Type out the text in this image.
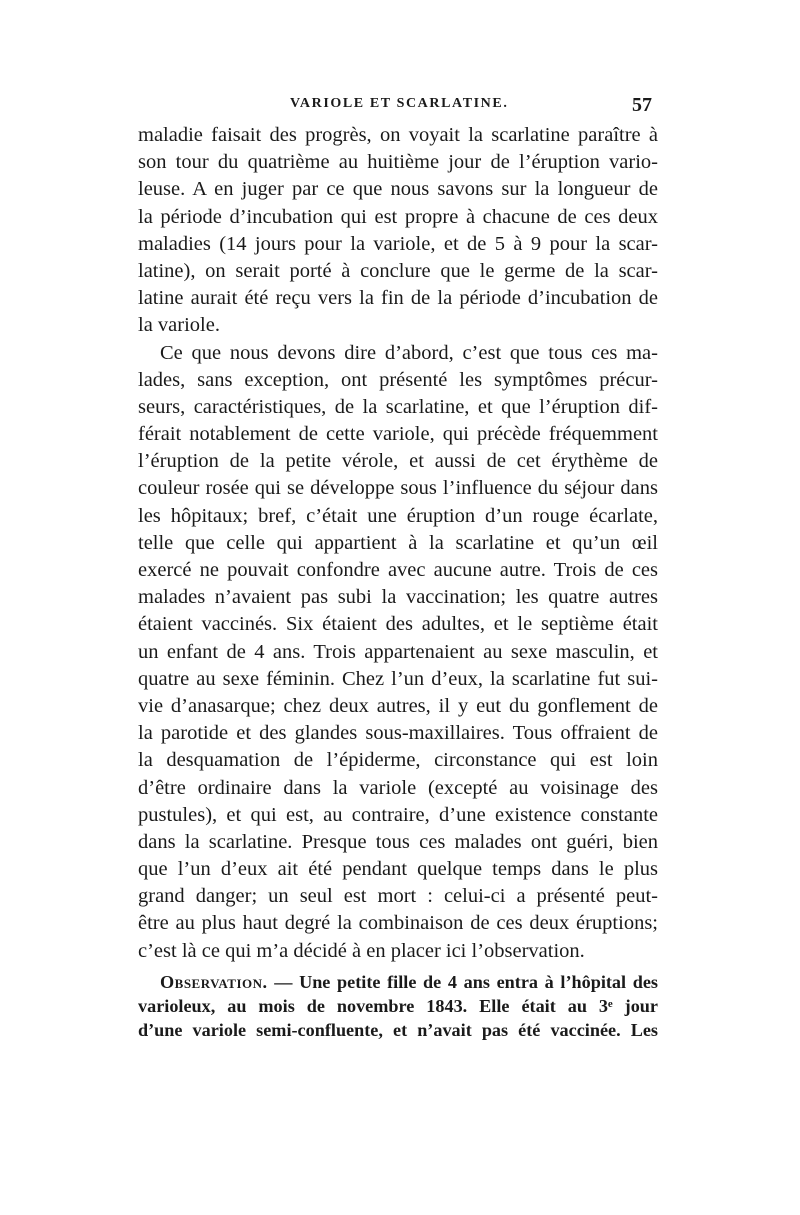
VARIOLE ET SCARLATINE.	57
maladie faisait des progrès, on voyait la scarlatine paraître à
son tour du quatrième au huitième jour de l’éruption vario-
leuse. A en juger par ce que nous savons sur la longueur de
la période d’incubation qui est propre à chacune de ces deux
maladies (14 jours pour la variole, et de 5 à 9 pour la scar-
latine), on serait porté à conclure que le germe de la scar-
latine aurait été reçu vers la fin de la période d’incubation de
la variole.
Ce que nous devons dire d’abord, c’est que tous ces ma-
lades, sans exception, ont présenté les symptômes précur-
seurs, caractéristiques, de la scarlatine, et que l’éruption dif-
férait notablement de cette variole, qui précède fréquemment
l’éruption de la petite vérole, et aussi de cet érythème de
couleur rosée qui se développe sous l’influence du séjour dans
les hôpitaux; bref, c’était une éruption d’un rouge écarlate,
telle que celle qui appartient à la scarlatine et qu’un œil
exercé ne pouvait confondre avec aucune autre. Trois de ces
malades n’avaient pas subi la vaccination; les quatre autres
étaient vaccinés. Six étaient des adultes, et le septième était
un enfant de 4 ans. Trois appartenaient au sexe masculin, et
quatre au sexe féminin. Chez l’un d’eux, la scarlatine fut sui-
vie d’anasarque; chez deux autres, il y eut du gonflement de
la parotide et des glandes sous-maxillaires. Tous offraient de
la desquamation de l’épiderme, circonstance qui est loin
d’être ordinaire dans la variole (excepté au voisinage des
pustules), et qui est, au contraire, d’une existence constante
dans la scarlatine. Presque tous ces malades ont guéri, bien
que l’un d’eux ait été pendant quelque temps dans le plus
grand danger; un seul est mort : celui-ci a présenté peut-
être au plus haut degré la combinaison de ces deux éruptions;
c’est là ce qui m’a décidé à en placer ici l’observation.
Observation. — Une petite fille de 4 ans entra à l’hôpital des
varioleux, au mois de novembre 1843. Elle était au 3ᵉ jour
d’une variole semi-confluente, et n’avait pas été vaccinée. Les
